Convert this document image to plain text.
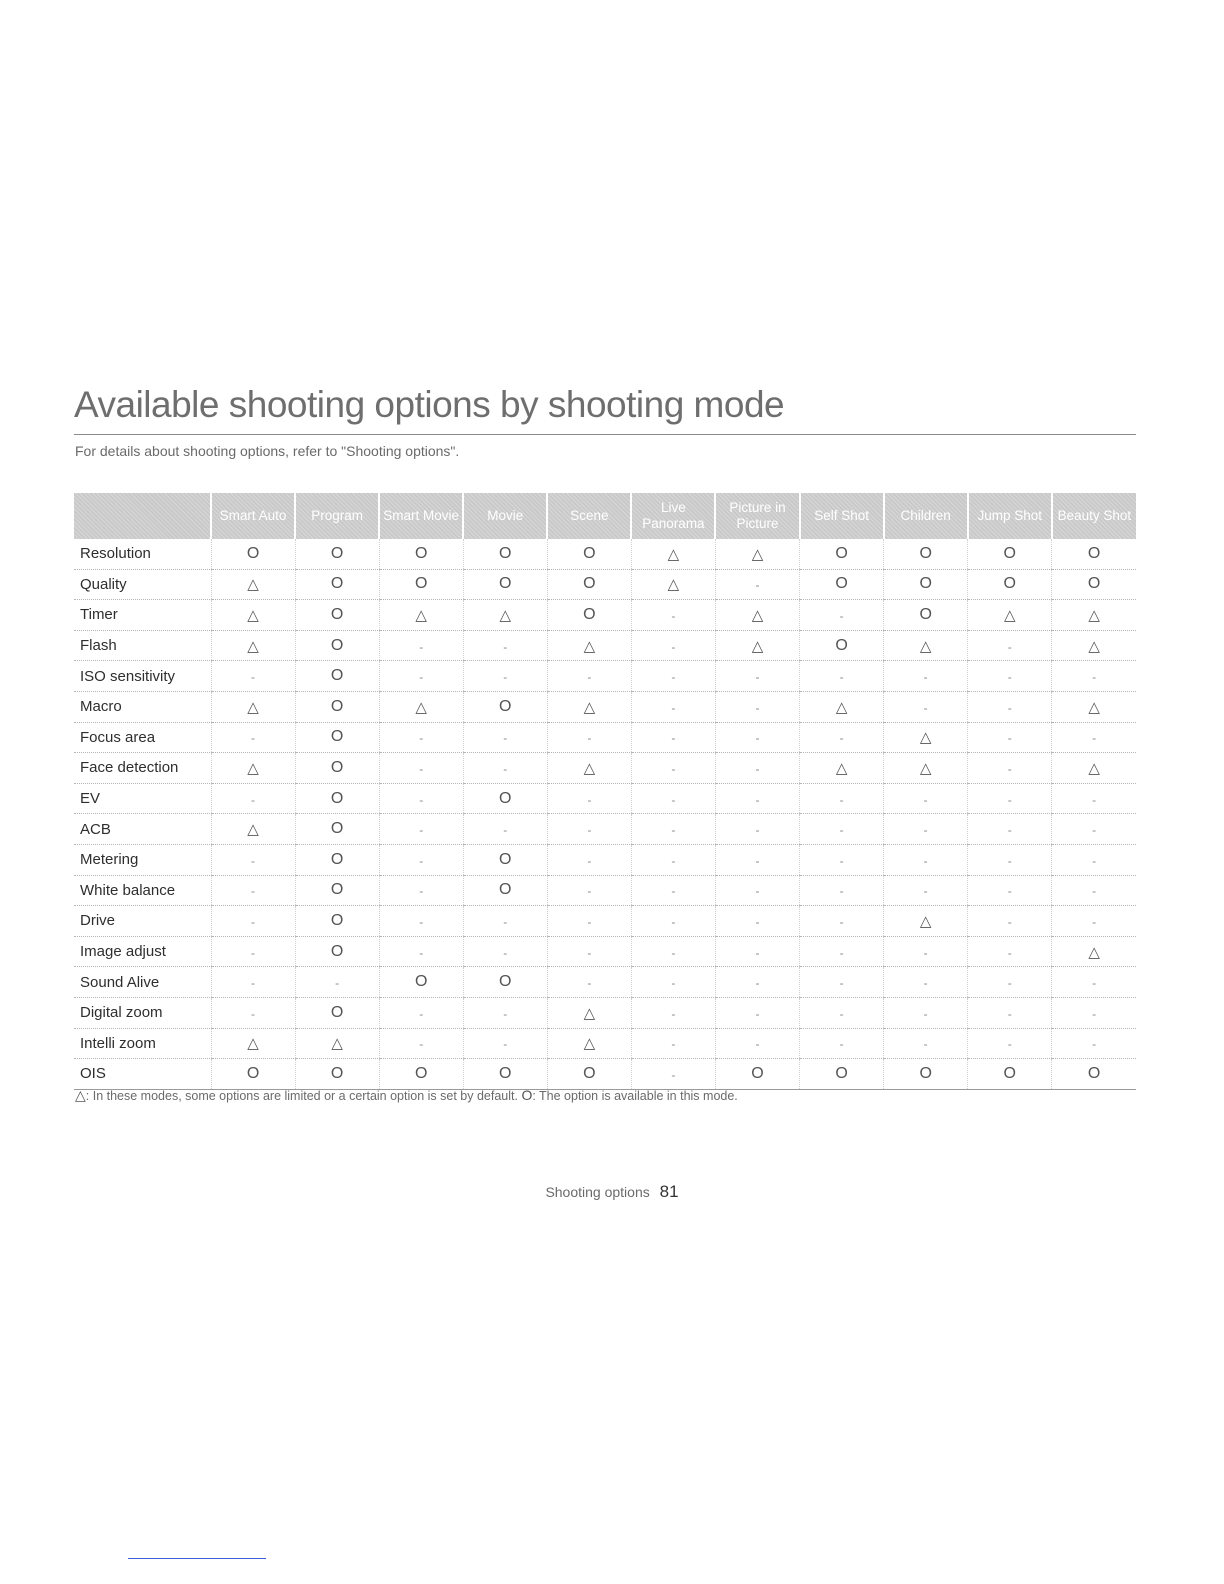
Available shooting options by shooting mode

For details about shooting options, refer to "Shooting options".

	Smart Auto	Program	Smart Movie	Movie	Scene	Live Panorama	Picture in Picture	Self Shot	Children	Jump Shot	Beauty Shot
Resolution	O	O	O	O	O	△	△	O	O	O	O
Quality	△	O	O	O	O	△	-	O	O	O	O
Timer	△	O	△	△	O	-	△	-	O	△	△
Flash	△	O	-	-	△	-	△	O	△	-	△
ISO sensitivity	-	O	-	-	-	-	-	-	-	-	-
Macro	△	O	△	O	△	-	-	△	-	-	△
Focus area	-	O	-	-	-	-	-	-	△	-	-
Face detection	△	O	-	-	△	-	-	△	△	-	△
EV	-	O	-	O	-	-	-	-	-	-	-
ACB	△	O	-	-	-	-	-	-	-	-	-
Metering	-	O	-	O	-	-	-	-	-	-	-
White balance	-	O	-	O	-	-	-	-	-	-	-
Drive	-	O	-	-	-	-	-	-	△	-	-
Image adjust	-	O	-	-	-	-	-	-	-	-	△
Sound Alive	-	-	O	O	-	-	-	-	-	-	-
Digital zoom	-	O	-	-	△	-	-	-	-	-	-
Intelli zoom	△	△	-	-	△	-	-	-	-	-	-
OIS	O	O	O	O	O	-	O	O	O	O	O

△: In these modes, some options are limited or a certain option is set by default. O: The option is available in this mode.

Shooting options 81
